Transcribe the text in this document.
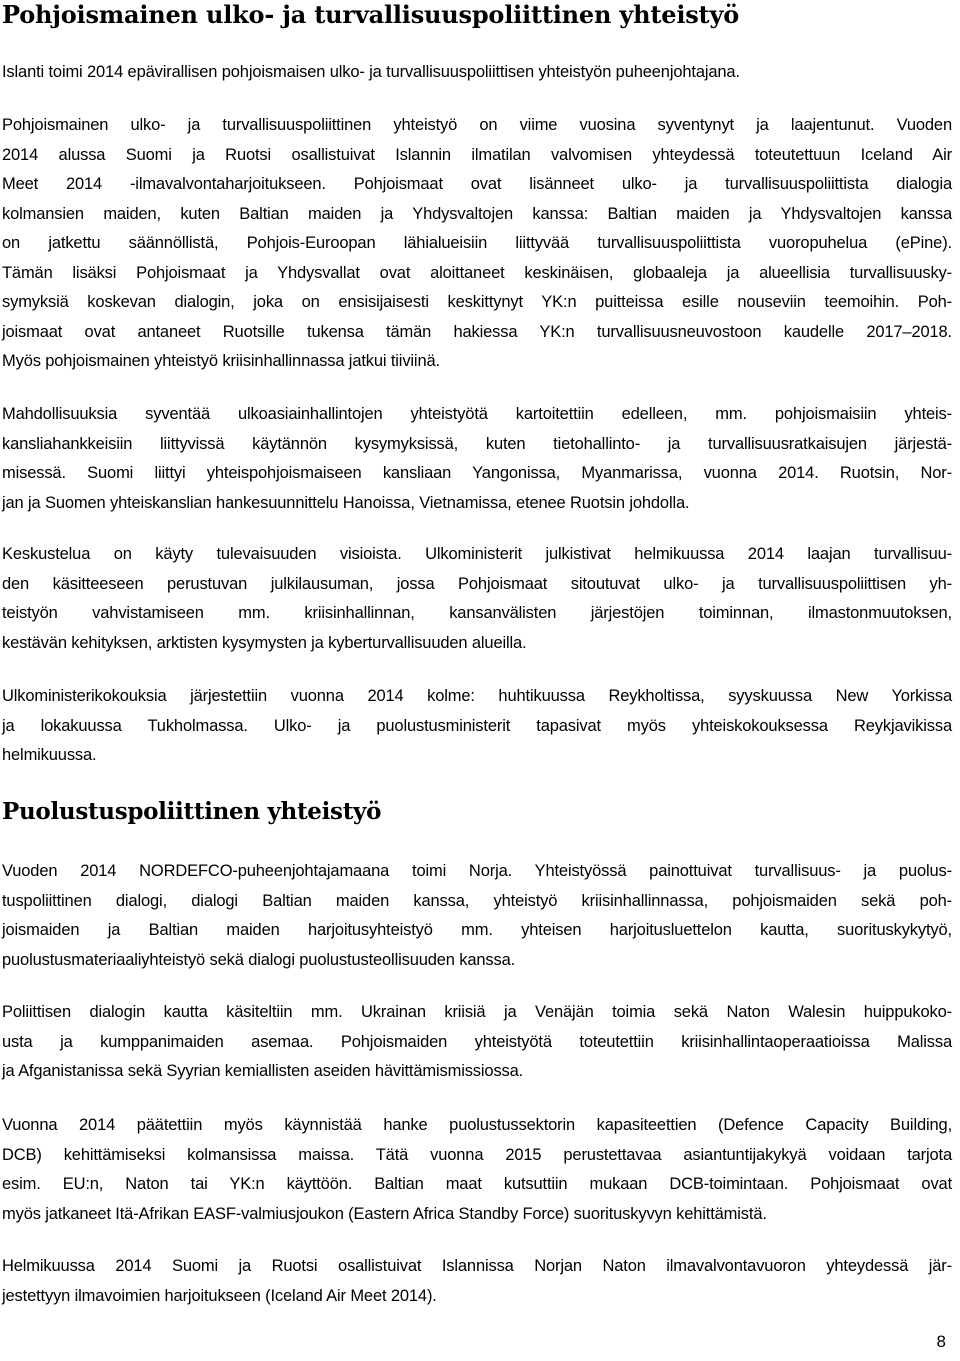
Pohjoismainen ulko- ja turvallisuuspoliittinen yhteistyö
Islanti toimi 2014 epävirallisen pohjoismaisen ulko- ja turvallisuuspoliittisen yhteistyön puheenjohtajana.
Pohjoismainen ulko- ja turvallisuuspoliittinen yhteistyö on viime vuosina syventynyt ja laajentunut. Vuoden
2014 alussa Suomi ja Ruotsi osallistuivat Islannin ilmatilan valvomisen yhteydessä toteutettuun Iceland Air
Meet 2014 -ilmavalvontaharjoitukseen. Pohjoismaat ovat lisänneet ulko- ja turvallisuuspoliittista dialogia
kolmansien maiden, kuten Baltian maiden ja Yhdysvaltojen kanssa: Baltian maiden ja Yhdysvaltojen kanssa
on jatkettu säännöllistä, Pohjois-Euroopan lähialueisiin liittyvää turvallisuuspoliittista vuoropuhelua (ePine).
Tämän lisäksi Pohjoismaat ja Yhdysvallat ovat aloittaneet keskinäisen, globaaleja ja alueellisia turvallisuusky-
symyksiä koskevan dialogin, joka on ensisijaisesti keskittynyt YK:n puitteissa esille nouseviin teemoihin. Poh-
joismaat ovat antaneet Ruotsille tukensa tämän hakiessa YK:n turvallisuusneuvostoon kaudelle 2017–2018.
Myös pohjoismainen yhteistyö kriisinhallinnassa jatkui tiiviinä.
Mahdollisuuksia syventää ulkoasiainhallintojen yhteistyötä kartoitettiin edelleen, mm. pohjoismaisiin yhteis-
kansliahankkeisiin liittyvissä käytännön kysymyksissä, kuten tietohallinto- ja turvallisuusratkaisujen järjestä-
misessä. Suomi liittyi yhteispohjoismaiseen kansliaan Yangonissa, Myanmarissa, vuonna 2014. Ruotsin, Nor-
jan ja Suomen yhteiskanslian hankesuunnittelu Hanoissa, Vietnamissa, etenee Ruotsin johdolla.
Keskustelua on käyty tulevaisuuden visioista. Ulkoministerit julkistivat helmikuussa 2014 laajan turvallisuu-
den käsitteeseen perustuvan julkilausuman, jossa Pohjoismaat sitoutuvat ulko- ja turvallisuuspoliittisen yh-
teistyön vahvistamiseen mm. kriisinhallinnan, kansanvälisten järjestöjen toiminnan, ilmastonmuutoksen,
kestävän kehityksen, arktisten kysymysten ja kyberturvallisuuden alueilla.
Ulkoministerikokouksia järjestettiin vuonna 2014 kolme: huhtikuussa Reykholtissa, syyskuussa New Yorkissa
ja lokakuussa Tukholmassa. Ulko- ja puolustusministerit tapasivat myös yhteiskokouksessa Reykjavikissa
helmikuussa.
Puolustuspoliittinen yhteistyö
Vuoden 2014 NORDEFCO-puheenjohtajamaana toimi Norja. Yhteistyössä painottuivat turvallisuus- ja puolus-
tuspoliittinen dialogi, dialogi Baltian maiden kanssa, yhteistyö kriisinhallinnassa, pohjoismaiden sekä poh-
joismaiden ja Baltian maiden harjoitusyhteistyö mm. yhteisen harjoitusluettelon kautta, suorituskykytyö,
puolustusmateriaaliyhteistyö sekä dialogi puolustusteollisuuden kanssa.
Poliittisen dialogin kautta käsiteltiin mm. Ukrainan kriisiä ja Venäjän toimia sekä Naton Walesin huippukoko-
usta ja kumppanimaiden asemaa. Pohjoismaiden yhteistyötä toteutettiin kriisinhallintaoperaatioissa Malissa
ja Afganistanissa sekä Syyrian kemiallisten aseiden hävittämismissiossa.
Vuonna 2014 päätettiin myös käynnistää hanke puolustussektorin kapasiteettien (Defence Capacity Building,
DCB) kehittämiseksi kolmansissa maissa. Tätä vuonna 2015 perustettavaa asiantuntijakykyä voidaan tarjota
esim. EU:n, Naton tai YK:n käyttöön. Baltian maat kutsuttiin mukaan DCB-toimintaan. Pohjoismaat ovat
myös jatkaneet Itä-Afrikan EASF-valmiusjoukon (Eastern Africa Standby Force) suorituskyvyn kehittämistä.
Helmikuussa 2014 Suomi ja Ruotsi osallistuivat Islannissa Norjan Naton ilmavalvontavuoron yhteydessä jär-
jestettyyn ilmavoimien harjoitukseen (Iceland Air Meet 2014).
8
